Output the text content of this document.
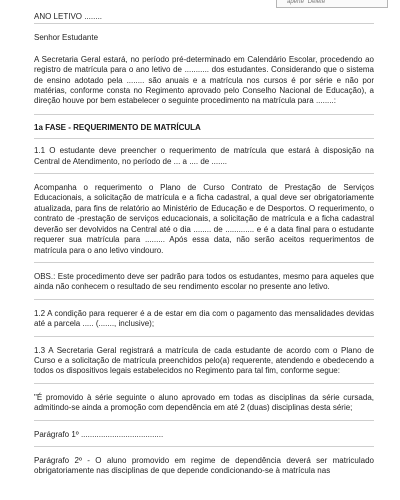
aperte "Delete"

ANO LETIVO ........

Senhor Estudante

A Secretaria Geral estará, no período pré-determinado em Calendário Escolar, procedendo ao registro de matrícula para o ano letivo de ........... dos estudantes. Considerando que o sistema de ensino adotado pela ........ são anuais e a matrícula nos cursos é por série e não por matérias, conforme consta no Regimento aprovado pelo Conselho Nacional de Educação), a direção houve por bem estabelecer o seguinte procedimento na matrícula para ........:

1a FASE - REQUERIMENTO DE MATRÍCULA

1.1 O estudante deve preencher o requerimento de matrícula que estará à disposição na Central de Atendimento, no período de ... a .... de .......

Acompanha o requerimento o Plano de Curso Contrato de Prestação de Serviços Educacionais, a solicitação de matrícula e a ficha cadastral, a qual deve ser obrigatoriamente atualizada, para fins de relatório ao Ministério de Educação e de Desportos. O requerimento, o contrato de -prestação de serviços educacionais, a solicitação de matrícula e a ficha cadastral deverão ser devolvidos na Central até o dia ........ de ............. e é a data final para o estudante requerer sua matrícula para ......... Após essa data, não serão aceitos requerimentos de matrícula para o ano letivo vindouro.

OBS.: Este procedimento deve ser padrão para todos os estudantes, mesmo para aqueles que ainda não conhecem o resultado de seu rendimento escolar no presente ano letivo.

1.2 A condição para requerer é a de estar em dia com o pagamento das mensalidades devidas até a parcela ..... (......., inclusive);

1.3 A Secretaria Geral registrará a matrícula de cada estudante de acordo com o Plano de Curso e a solicitação de matrícula preenchidos pelo(a) requerente, atendendo e obedecendo a todos os dispositivos legais estabelecidos no Regimento para tal fim, conforme segue:

"É promovido à série seguinte o aluno aprovado em todas as disciplinas da série cursada, admitindo-se ainda a promoção com dependência em até 2 (duas) disciplinas desta série;

Parágrafo 1º .....................................

Parágrafo 2º - O aluno promovido em regime de dependência deverá ser matriculado obrigatoriamente nas disciplinas de que depende condicionando-se à matrícula nas
